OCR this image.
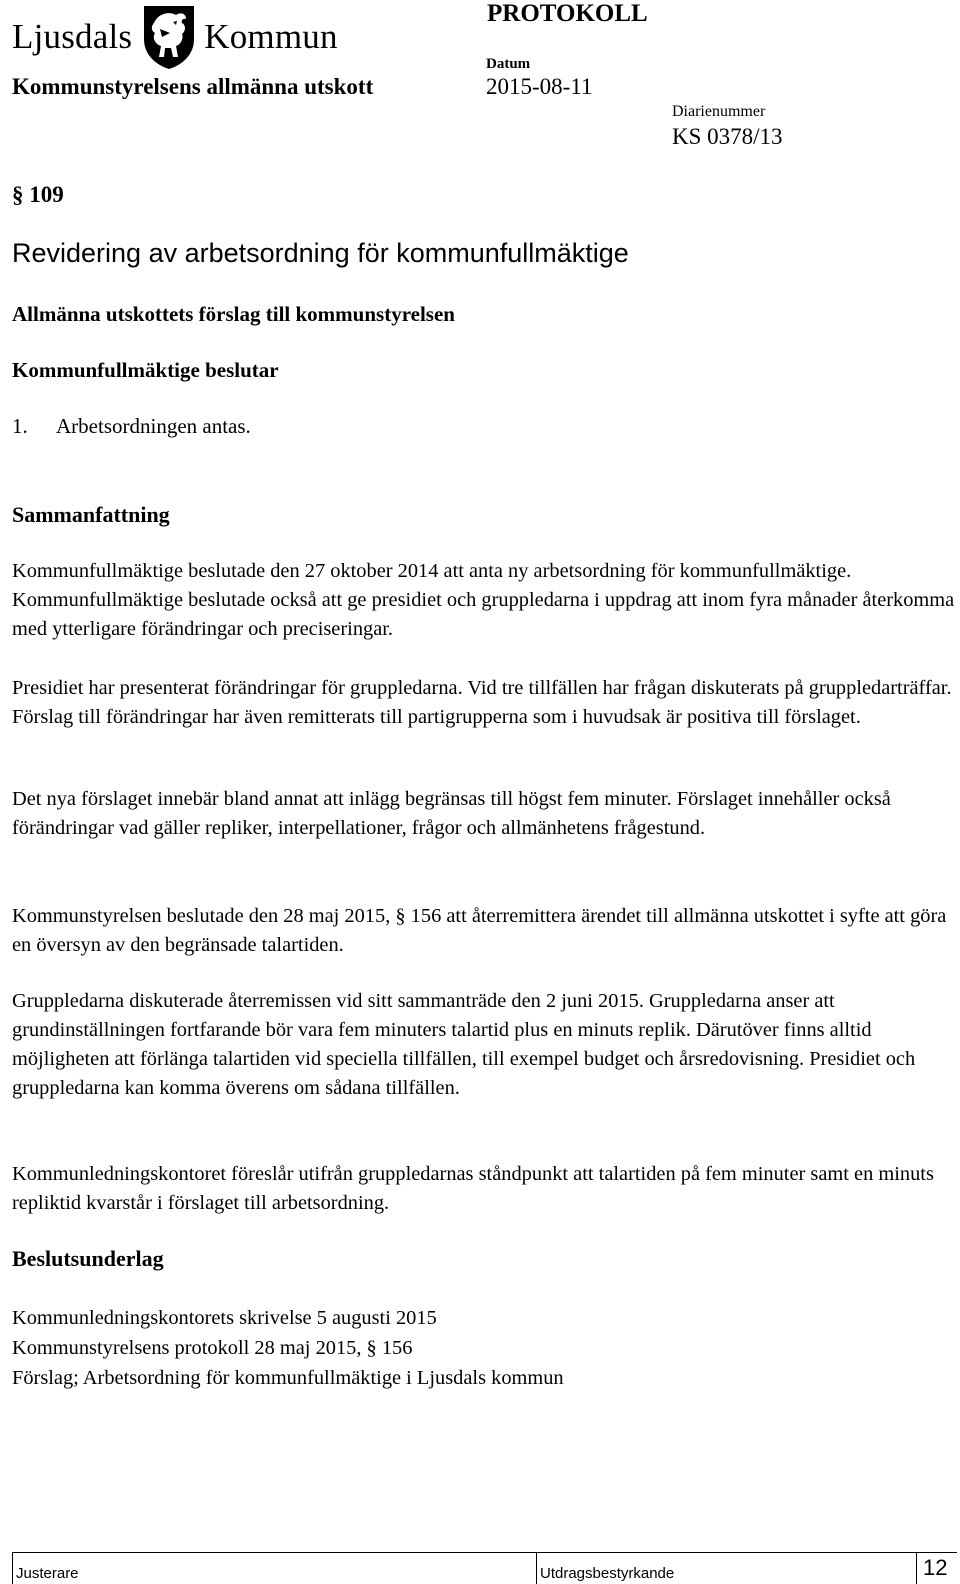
Ljusdals Kommun
PROTOKOLL
Kommunstyrelsens allmänna utskott
Datum
2015-08-11
Diarienummer
KS 0378/13
§ 109
Revidering av arbetsordning för kommunfullmäktige
Allmänna utskottets förslag till kommunstyrelsen
Kommunfullmäktige beslutar
1. Arbetsordningen antas.
Sammanfattning
Kommunfullmäktige beslutade den 27 oktober 2014 att anta ny arbetsordning för kommunfullmäktige. Kommunfullmäktige beslutade också att ge presidiet och gruppledarna i uppdrag att inom fyra månader återkomma med ytterligare förändringar och preciseringar.
Presidiet har presenterat förändringar för gruppledarna. Vid tre tillfällen har frågan diskuterats på gruppledarträffar. Förslag till förändringar har även remitterats till partigrupperna som i huvudsak är positiva till förslaget.
Det nya förslaget innebär bland annat att inlägg begränsas till högst fem minuter. Förslaget innehåller också förändringar vad gäller repliker, interpellationer, frågor och allmänhetens frågestund.
Kommunstyrelsen beslutade den 28 maj 2015, § 156 att återremittera ärendet till allmänna utskottet i syfte att göra en översyn av den begränsade talartiden.
Gruppledarna diskuterade återremissen vid sitt sammanträde den 2 juni 2015. Gruppledarna anser att grundinställningen fortfarande bör vara fem minuters talartid plus en minuts replik. Därutöver finns alltid möjligheten att förlänga talartiden vid speciella tillfällen, till exempel budget och årsredovisning. Presidiet och gruppledarna kan komma överens om sådana tillfällen.
Kommunledningskontoret föreslår utifrån gruppledarnas ståndpunkt att talartiden på fem minuter samt en minuts repliktid kvarstår i förslaget till arbetsordning.
Beslutsunderlag
Kommunledningskontorets skrivelse 5 augusti 2015
Kommunstyrelsens protokoll 28 maj 2015, § 156
Förslag; Arbetsordning för kommunfullmäktige i Ljusdals kommun
Justerare	Utdragsbestyrkande	12
